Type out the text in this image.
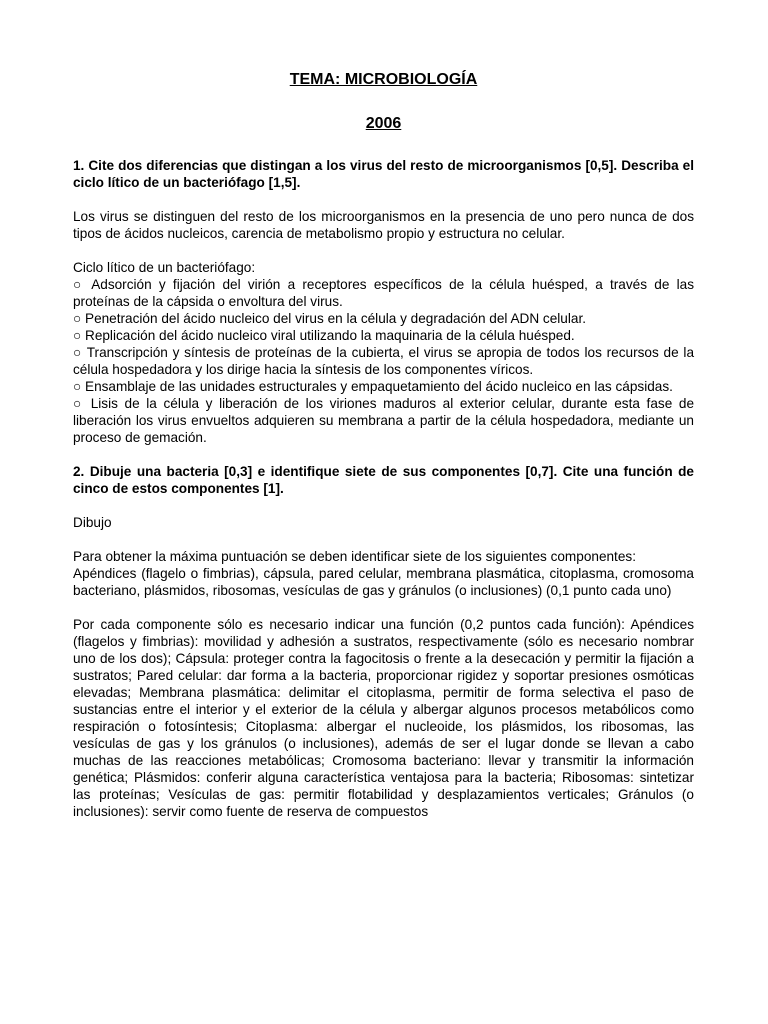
TEMA: MICROBIOLOGÍA

2006

1. Cite dos diferencias que distingan a los virus del resto de microorganismos [0,5]. Describa el ciclo lítico de un bacteriófago [1,5].

Los virus se distinguen del resto de los microorganismos en la presencia de uno pero nunca de dos tipos de ácidos nucleicos, carencia de metabolismo propio y estructura no celular.

Ciclo lítico de un bacteriófago:

○ Adsorción y fijación del virión a receptores específicos de la célula huésped, a través de las proteínas de la cápsida o envoltura del virus.
○ Penetración del ácido nucleico del virus en la célula y degradación del ADN celular.
○ Replicación del ácido nucleico viral utilizando la maquinaria de la célula huésped.
○ Transcripción y síntesis de proteínas de la cubierta, el virus se apropia de todos los recursos de la célula hospedadora y los dirige hacia la síntesis de los componentes víricos.
○ Ensamblaje de las unidades estructurales y empaquetamiento del ácido nucleico en las cápsidas.
○ Lisis de la célula y liberación de los viriones maduros al exterior celular, durante esta fase de liberación los virus envueltos adquieren su membrana a partir de la célula hospedadora, mediante un proceso de gemación.

2. Dibuje una bacteria [0,3] e identifique siete de sus componentes [0,7]. Cite una función de cinco de estos componentes [1].

Dibujo

Para obtener la máxima puntuación se deben identificar siete de los siguientes componentes:

Apéndices (flagelo o fimbrias), cápsula, pared celular, membrana plasmática, citoplasma, cromosoma bacteriano, plásmidos, ribosomas, vesículas de gas y gránulos (o inclusiones) (0,1 punto cada uno)

Por cada componente sólo es necesario indicar una función (0,2 puntos cada función): Apéndices (flagelos y fimbrias): movilidad y adhesión a sustratos, respectivamente (sólo es necesario nombrar uno de los dos); Cápsula: proteger contra la fagocitosis o frente a la desecación y permitir la fijación a sustratos; Pared celular: dar forma a la bacteria, proporcionar rigidez y soportar presiones osmóticas elevadas; Membrana plasmática: delimitar el citoplasma, permitir de forma selectiva el paso de sustancias entre el interior y el exterior de la célula y albergar algunos procesos metabólicos como respiración o fotosíntesis; Citoplasma: albergar el nucleoide, los plásmidos, los ribosomas, las vesículas de gas y los gránulos (o inclusiones), además de ser el lugar donde se llevan a cabo muchas de las reacciones metabólicas; Cromosoma bacteriano: llevar y transmitir la información genética; Plásmidos: conferir alguna característica ventajosa para la bacteria; Ribosomas: sintetizar las proteínas; Vesículas de gas: permitir flotabilidad y desplazamientos verticales; Gránulos (o inclusiones): servir como fuente de reserva de compuestos
